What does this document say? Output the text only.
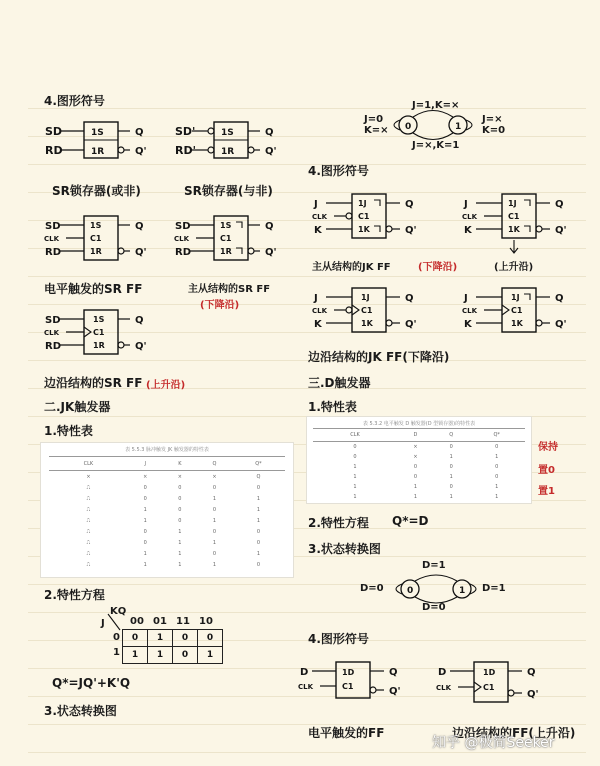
4.图形符号
SD
RD
1S
1R
Q
Q'
SR锁存器(或非)
SD'
RD'
1S
1R
Q
Q'
SR锁存器(与非)
SD
CLK
RD
1S
C1
1R
Q
Q'
电平触发的SR FF
SD
CLK
RD
1S
C1
1R
Q
Q'
主从结构的SR FF
(下降沿)
SD
CLK
RD
1S
C1
1R
Q
Q'
边沿结构的SR FF (上升沿)
二.JK触发器
1.特性表
表 5.5.3 脉冲触发 JK 触发器的特性表
CLK	J	K	Q	Q*
×	×	×	×	Q
⎍	0	0	0	0
⎍	0	0	1	1
⎍	1	0	0	1
⎍	1	0	1	1
⎍	0	1	0	0
⎍	0	1	1	0
⎍	1	1	0	1
⎍	1	1	1	0
2.特性方程
KQ
J	00 01 11 10
0
1
0	1	0	0
1	1	0	1
Q*=JQ'+K'Q
3.状态转换图
0	1
J=1,K=×
J=×,K=1
J=0
K=×
J=×
K=0
4.图形符号
J
CLK
K
1J
C1
1K
Q
Q'
J
CLK
K
1J
C1
1K
Q
Q'
主从结构的JK FF	(下降沿)	(上升沿)
J
CLK
K
1J
C1
1K
Q
Q'
J
CLK
K
1J
C1
1K
Q
Q'
边沿结构的JK FF(下降沿)
三.D触发器
1.特性表
表 5.3.2 电平触发 D 触发器(D 型锁存器)的特性表
CLK	D	Q	Q*
0	×	0	0
0	×	1	1
1	0	0	0
1	0	1	0
1	1	0	1
1	1	1	1
保持
置0
置1
2.特性方程 Q*=D
3.状态转换图
0	1
D=1
D=0
D=0	D=1
4.图形符号
D
CLK
1D
C1
Q
Q'
电平触发的FF
D
CLK
1D
C1
Q
Q'
边沿结构的FF(上升沿)
知乎 @极简Seeker
